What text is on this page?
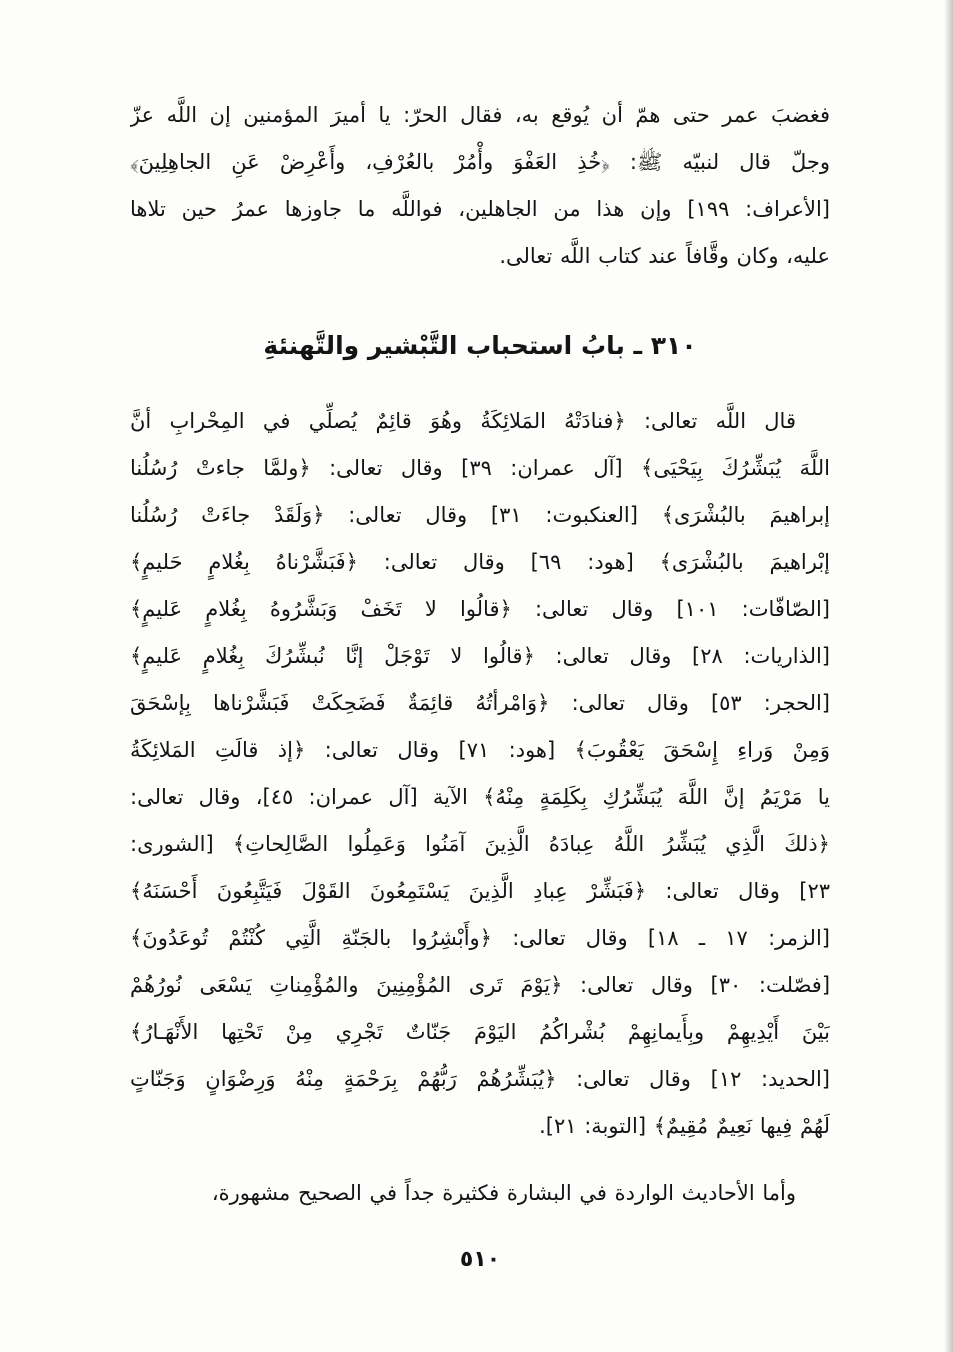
فغضبَ عمر حتى همّ أن يُوقع به، فقال الحرّ: يا أميرَ المؤمنين إن اللَّه عزّ

وجلّ قال لنبيّه ﷺ: ﴿خُذِ العَفْوَ وأْمُرْ بالعُرْفِ، وأَعْرِضْ عَنِ الجاهِلِينَ﴾

[الأعراف: ١٩٩] وإن هذا من الجاهلين، فواللَّه ما جاوزها عمرُ حين تلاها

عليه، وكان وقَّافاً عند كتاب اللَّه تعالى.

٣١٠ ـ بابُ استحباب التَّبْشير والتَّهنئةِ

قال اللَّه تعالى: ﴿فنادَتْهُ المَلائِكَةُ وهُوَ قائِمٌ يُصلِّي في المِحْرابِ أنَّ

اللَّهَ يُبَشِّرُكَ بِيَحْيَى﴾ [آل عمران: ٣٩] وقال تعالى: ﴿ولمَّا جاءتْ رُسُلُنا

إبراهيمَ بالبُشْرَى﴾ [العنكبوت: ٣١] وقال تعالى: ﴿وَلَقَدْ جاءَتْ رُسُلُنا

إبْراهيمَ بالبُشْرَى﴾ [هود: ٦٩] وقال تعالى: ﴿فَبَشَّرْناهُ بِغُلامٍ حَليمٍ﴾

[الصّافّات: ١٠١] وقال تعالى: ﴿قالُوا لا تَخَفْ وَبَشَّرُوهُ بِغُلامٍ عَليمٍ﴾

[الذاريات: ٢٨] وقال تعالى: ﴿قالُوا لا تَوْجَلْ إنَّا نُبشِّرُكَ بِغُلامٍ عَليمٍ﴾

[الحجر: ٥٣] وقال تعالى: ﴿وَامْرأتُهُ قائِمَةٌ فَضَحِكَتْ فَبَشَّرْناها بِإسْحَقَ

وَمِنْ وَراءِ إِسْحَقَ يَعْقُوبَ﴾ [هود: ٧١] وقال تعالى: ﴿إذ قالَتِ المَلائِكَةُ

يا مَرْيَمُ إنَّ اللَّهَ يُبَشِّرُكِ بِكَلِمَةٍ مِنْهُ﴾ الآية [آل عمران: ٤٥]، وقال تعالى:

﴿ذلكَ الَّذِي يُبَشِّرُ اللَّهُ عِبادَهُ الَّذِينَ آمَنُوا وَعَمِلُوا الصَّالِحاتِ﴾ [الشورى:

٢٣] وقال تعالى: ﴿فَبَشِّرْ عِبادِ الَّذِينَ يَسْتَمِعُونَ القَوْلَ فَيَتَّبِعُونَ أَحْسَنَهُ﴾

[الزمر: ١٧ ـ ١٨] وقال تعالى: ﴿وأَبْشِرُوا بالجَنّةِ الَّتِي كُنْتُمْ تُوعَدُونَ﴾

[فصّلت: ٣٠] وقال تعالى: ﴿يَوْمَ تَرى المُؤْمِنِينَ والمُؤْمِناتِ يَسْعَى نُورُهُمْ

بَيْنَ أَيْدِيهِمْ وبِأَيمانِهِمْ بُشْراكُمُ اليَوْمَ جَنّاتٌ تَجْرِي مِنْ تَحْتِها الأَنْهَـارُ﴾

[الحديد: ١٢] وقال تعالى: ﴿يُبَشِّرُهُمْ رَبُّهُمْ بِرَحْمَةٍ مِنْهُ وَرِضْوَانٍ وَجَنّاتٍ

لَهُمْ فِيها نَعِيمٌ مُقِيمٌ﴾ [التوبة: ٢١].

وأما الأحاديث الواردة في البشارة فكثيرة جداً في الصحيح مشهورة،

٥١٠
